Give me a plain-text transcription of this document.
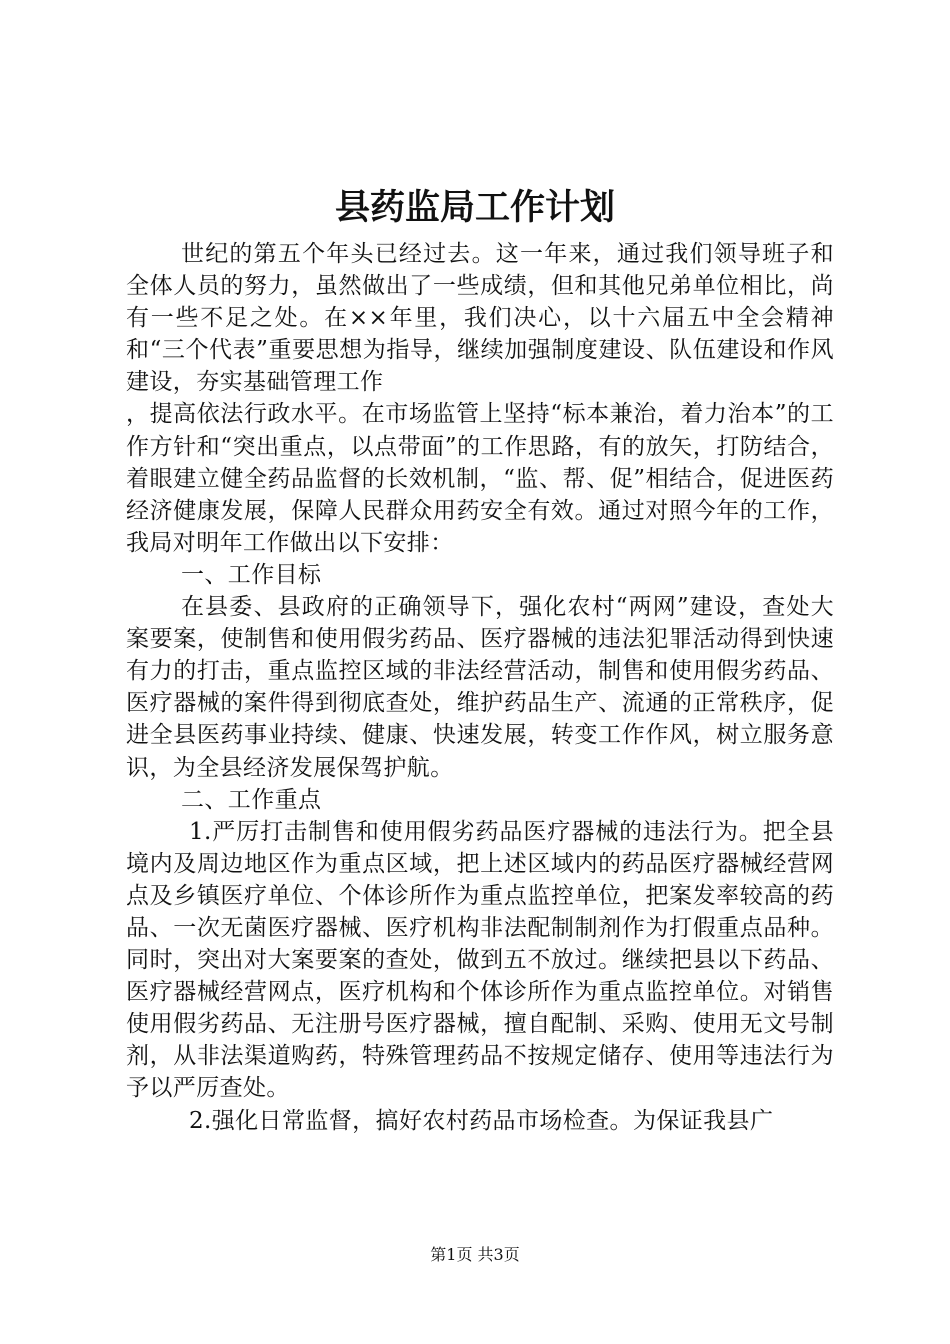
县药监局工作计划

世纪的第五个年头已经过去。这一年来，通过我们领导班子和全体人员的努力，虽然做出了一些成绩，但和其他兄弟单位相比，尚有一些不足之处。在××年里，我们决心，以十六届五中全会精神和“三个代表”重要思想为指导，继续加强制度建设、队伍建设和作风建设，夯实基础管理工作

，提高依法行政水平。在市场监管上坚持“标本兼治，着力治本”的工作方针和“突出重点，以点带面”的工作思路，有的放矢，打防结合，着眼建立健全药品监督的长效机制，“监、帮、促”相结合，促进医药经济健康发展，保障人民群众用药安全有效。通过对照今年的工作，我局对明年工作做出以下安排：

一、工作目标

在县委、县政府的正确领导下，强化农村“两网”建设，查处大案要案，使制售和使用假劣药品、医疗器械的违法犯罪活动得到快速有力的打击，重点监控区域的非法经营活动，制售和使用假劣药品、医疗器械的案件得到彻底查处，维护药品生产、流通的正常秩序，促进全县医药事业持续、健康、快速发展，转变工作作风，树立服务意识，为全县经济发展保驾护航。

二、工作重点

1.严厉打击制售和使用假劣药品医疗器械的违法行为。把全县境内及周边地区作为重点区域，把上述区域内的药品医疗器械经营网点及乡镇医疗单位、个体诊所作为重点监控单位，把案发率较高的药品、一次无菌医疗器械、医疗机构非法配制制剂作为打假重点品种。同时，突出对大案要案的查处，做到五不放过。继续把县以下药品、医疗器械经营网点，医疗机构和个体诊所作为重点监控单位。对销售使用假劣药品、无注册号医疗器械，擅自配制、采购、使用无文号制剂，从非法渠道购药，特殊管理药品不按规定储存、使用等违法行为予以严厉查处。

2.强化日常监督，搞好农村药品市场检查。为保证我县广

第1页 共3页
